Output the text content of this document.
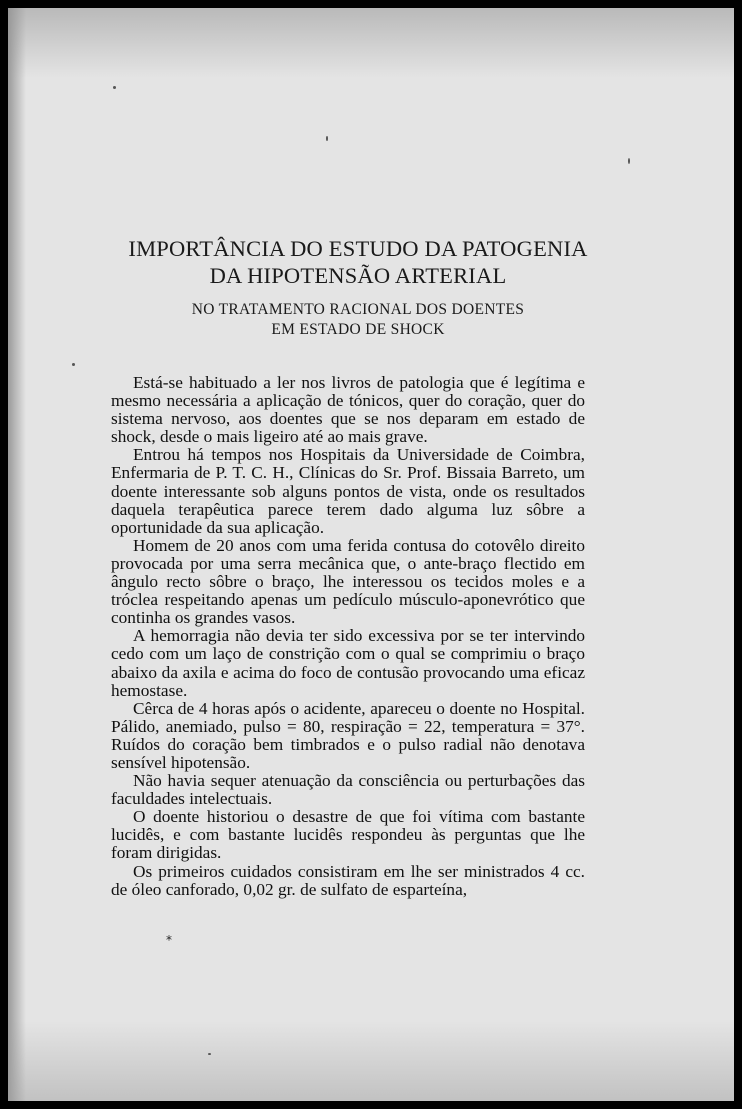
IMPORTÂNCIA DO ESTUDO DA PATOGENIA
DA HIPOTENSÃO ARTERIAL
NO TRATAMENTO RACIONAL DOS DOENTES
EM ESTADO DE SHOCK

Está-se habituado a ler nos livros de patologia que é legítima e mesmo necessária a aplicação de tónicos, quer do coração, quer do sistema nervoso, aos doentes que se nos deparam em estado de shock, desde o mais ligeiro até ao mais grave.

Entrou há tempos nos Hospitais da Universidade de Coimbra, Enfermaria de P. T. C. H., Clínicas do Sr. Prof. Bissaia Barreto, um doente interessante sob alguns pontos de vista, onde os resultados daquela terapêutica parece terem dado alguma luz sôbre a oportunidade da sua aplicação.

Homem de 20 anos com uma ferida contusa do cotovêlo direito provocada por uma serra mecânica que, o ante-braço flectido em ângulo recto sôbre o braço, lhe interessou os tecidos moles e a tróclea respeitando apenas um pedículo músculo-aponevrótico que continha os grandes vasos.

A hemorragia não devia ter sido excessiva por se ter intervindo cedo com um laço de constrição com o qual se comprimiu o braço abaixo da axila e acima do foco de contusão provocando uma eficaz hemostase.

Cêrca de 4 horas após o acidente, apareceu o doente no Hospital. Pálido, anemiado, pulso = 80, respiração = 22, temperatura = 37°. Ruídos do coração bem timbrados e o pulso radial não denotava sensível hipotensão.

Não havia sequer atenuação da consciência ou perturbações das faculdades intelectuais.

O doente historiou o desastre de que foi vítima com bastante lucidês, e com bastante lucidês respondeu às perguntas que lhe foram dirigidas.

Os primeiros cuidados consistiram em lhe ser ministrados 4 cc. de óleo canforado, 0,02 gr. de sulfato de esparteína,

*
